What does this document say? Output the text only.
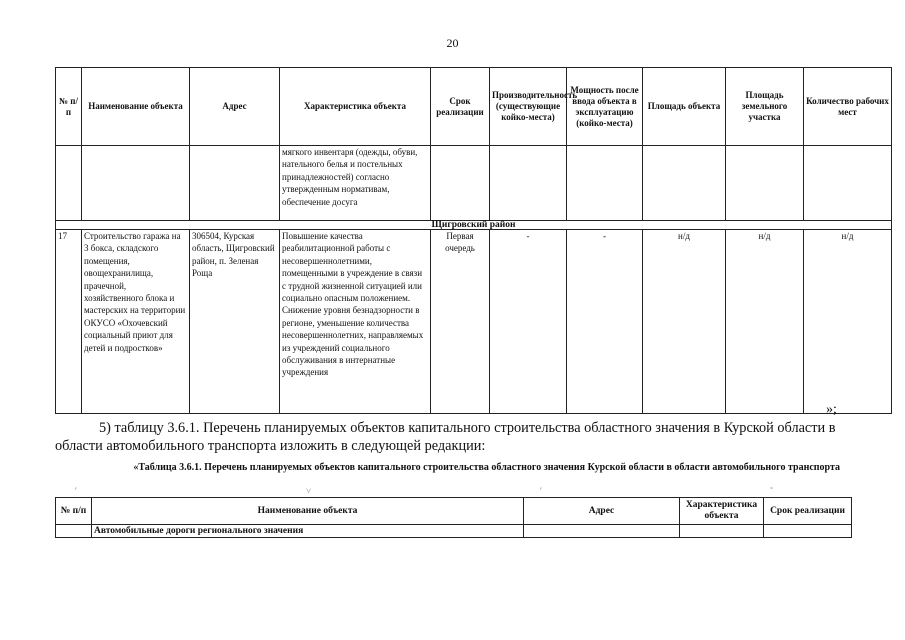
20
№ п/п	Наименование объекта	Адрес	Характеристика объекта	Срок реализации	Производительность (существующие койко-места)	Мощность после ввода объекта в эксплуатацию (койко-места)	Площадь объекта	Площадь земельного участка	Количество рабочих мест
			мягкого инвентаря (одежды, обуви, нательного белья и постельных принадлежностей) согласно утвержденным нормативам, обеспечение досуга						
Щигровский район									
17	Строительство гаража на 3 бокса, складского помещения, овощехранилища, прачечной, хозяйственного блока и мастерских на территории ОКУСО «Охочевский социальный приют для детей и подростков»	306504, Курская область, Щигровский район, п. Зеленая Роща	Повышение качества реабилитационной работы с несовершеннолетними, помещенными в учреждение в связи с трудной жизненной ситуацией или социально опасным положением. Снижение уровня безнадзорности в регионе, уменьшение количества несовершеннолетних, направляемых из учреждений социального обслуживания в интернатные учреждения	Первая очередь	-	-	н/д	н/д	н/д
»;
5) таблицу 3.6.1. Перечень планируемых объектов капитального строительства областного значения в Курской области в области автомобильного транспорта изложить в следующей редакции:
«Таблица 3.6.1. Перечень планируемых объектов капитального строительства областного значения Курской области в области автомобильного транспорта
′	˅	′	˚
№ п/п	Наименование объекта	Адрес	Характеристика объекта	Срок реализации
	Автомобильные дороги регионального значения			
